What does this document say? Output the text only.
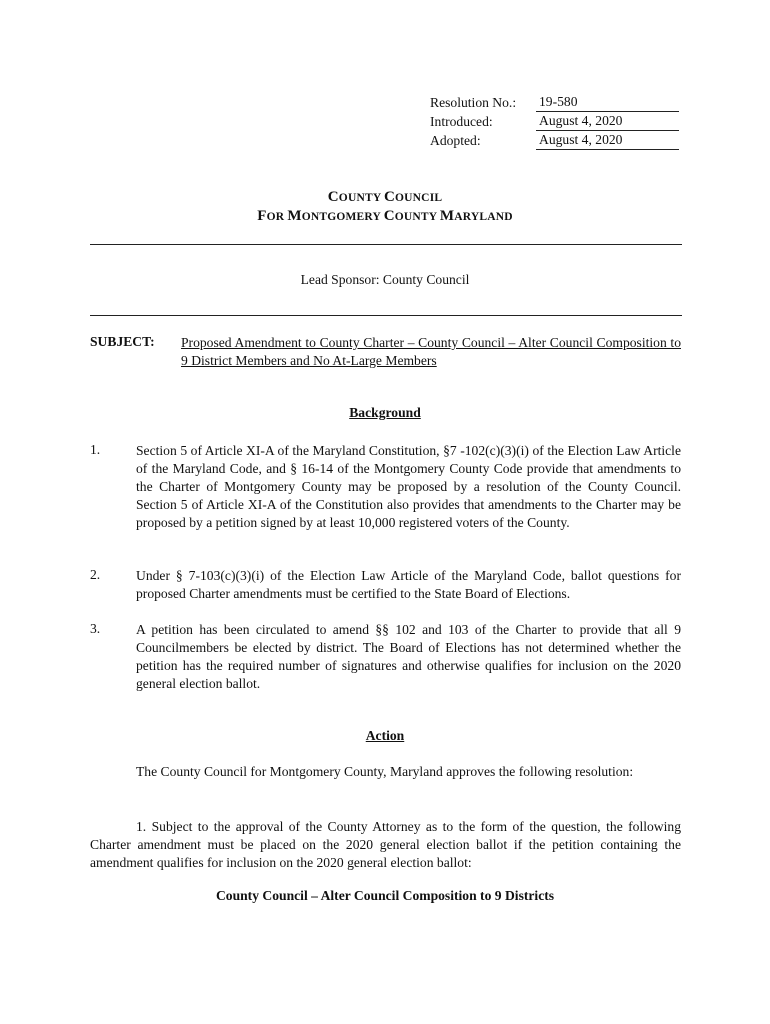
Resolution No.:	19-580
Introduced:	August 4, 2020
Adopted:	August 4, 2020
COUNTY COUNCIL
FOR MONTGOMERY COUNTY MARYLAND
Lead Sponsor: County Council
SUBJECT: Proposed Amendment to County Charter – County Council – Alter Council Composition to 9 District Members and No At-Large Members
Background
1.	Section 5 of Article XI-A of the Maryland Constitution, §7 -102(c)(3)(i) of the Election Law Article of the Maryland Code, and § 16-14 of the Montgomery County Code provide that amendments to the Charter of Montgomery County may be proposed by a resolution of the County Council. Section 5 of Article XI-A of the Constitution also provides that amendments to the Charter may be proposed by a petition signed by at least 10,000 registered voters of the County.
2.	Under § 7-103(c)(3)(i) of the Election Law Article of the Maryland Code, ballot questions for proposed Charter amendments must be certified to the State Board of Elections.
3.	A petition has been circulated to amend §§ 102 and 103 of the Charter to provide that all 9 Councilmembers be elected by district. The Board of Elections has not determined whether the petition has the required number of signatures and otherwise qualifies for inclusion on the 2020 general election ballot.
Action
The County Council for Montgomery County, Maryland approves the following resolution:
1. Subject to the approval of the County Attorney as to the form of the question, the following Charter amendment must be placed on the 2020 general election ballot if the petition containing the amendment qualifies for inclusion on the 2020 general election ballot:
County Council – Alter Council Composition to 9 Districts
